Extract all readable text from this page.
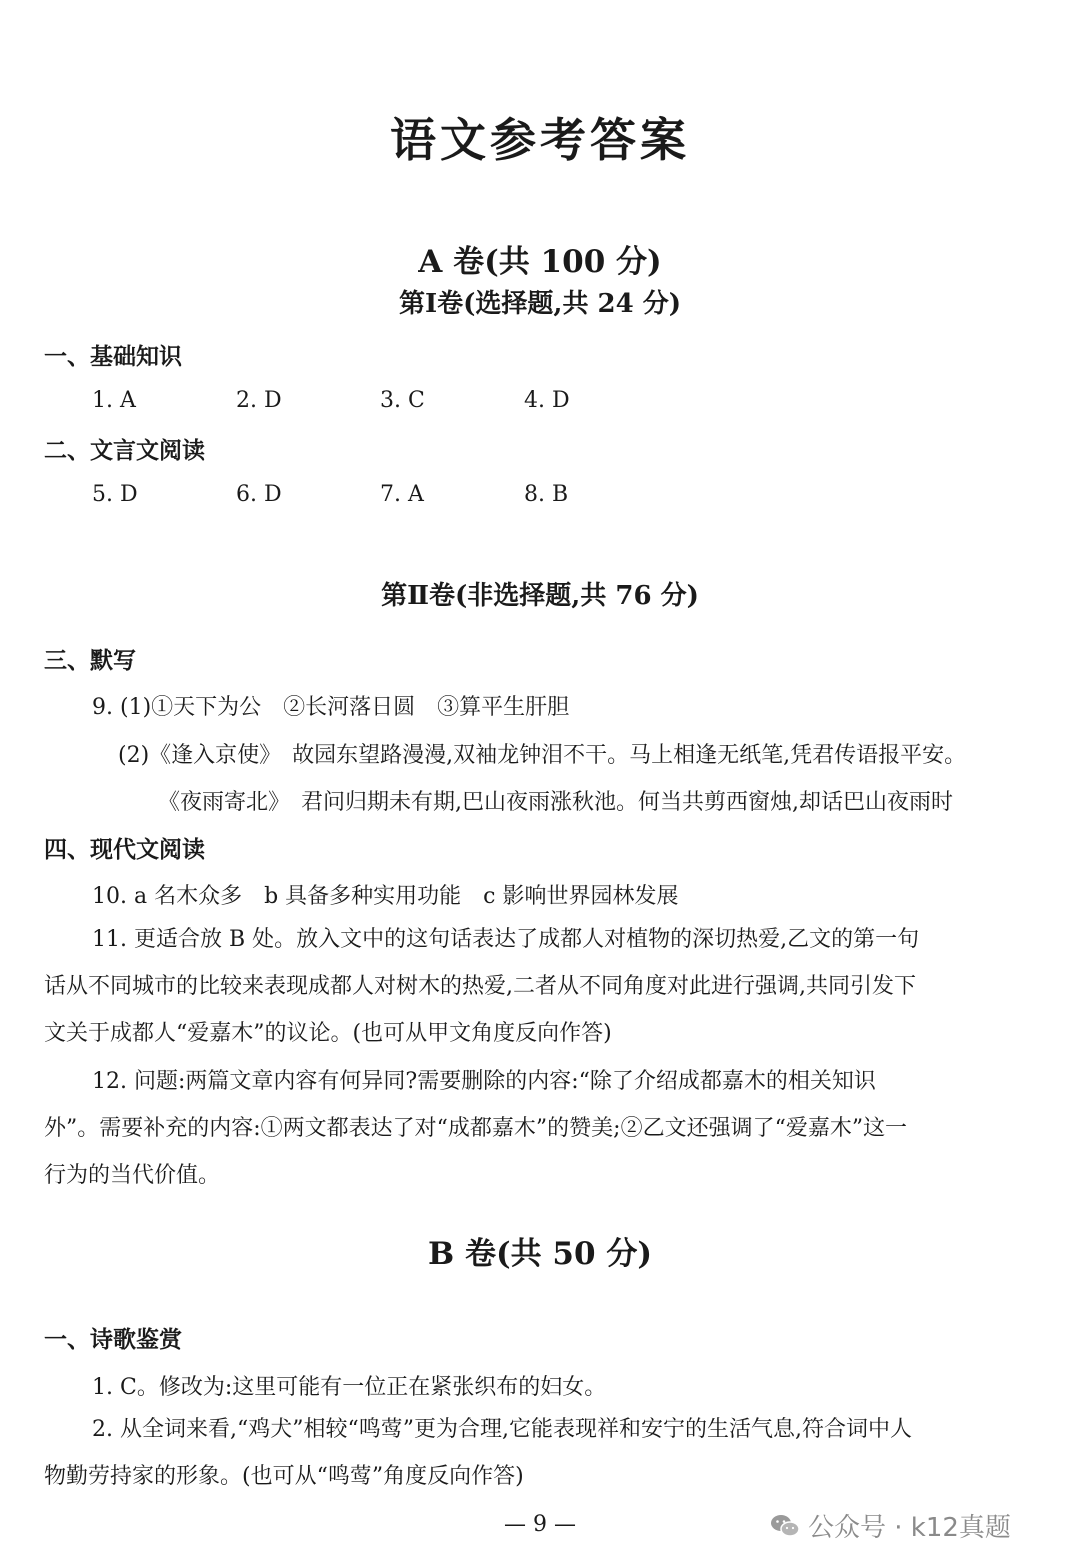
语文参考答案
A 卷(共 100 分)
第Ⅰ卷(选择题,共 24 分)
一、基础知识
1. A	2. D	3. C	4. D
二、文言文阅读
5. D	6. D	7. A	8. B
第Ⅱ卷(非选择题,共 76 分)
三、默写
9. (1)①天下为公　②长河落日圆　③算平生肝胆
(2)《逢入京使》　故园东望路漫漫,双袖龙钟泪不干。马上相逢无纸笔,凭君传语报平安。
《夜雨寄北》　君问归期未有期,巴山夜雨涨秋池。何当共剪西窗烛,却话巴山夜雨时
四、现代文阅读
10. a 名木众多　b 具备多种实用功能　c 影响世界园林发展
11. 更适合放 B 处。放入文中的这句话表达了成都人对植物的深切热爱,乙文的第一句
话从不同城市的比较来表现成都人对树木的热爱,二者从不同角度对此进行强调,共同引发下
文关于成都人“爱嘉木”的议论。(也可从甲文角度反向作答)
12. 问题:两篇文章内容有何异同?需要删除的内容:“除了介绍成都嘉木的相关知识
外”。需要补充的内容:①两文都表达了对“成都嘉木”的赞美;②乙文还强调了“爱嘉木”这一
行为的当代价值。
B 卷(共 50 分)
一、诗歌鉴赏
1. C。修改为:这里可能有一位正在紧张织布的妇女。
2. 从全词来看,“鸡犬”相较“鸣莺”更为合理,它能表现祥和安宁的生活气息,符合词中人
物勤劳持家的形象。(也可从“鸣莺”角度反向作答)
— 9 —	公众号 · k12真题
